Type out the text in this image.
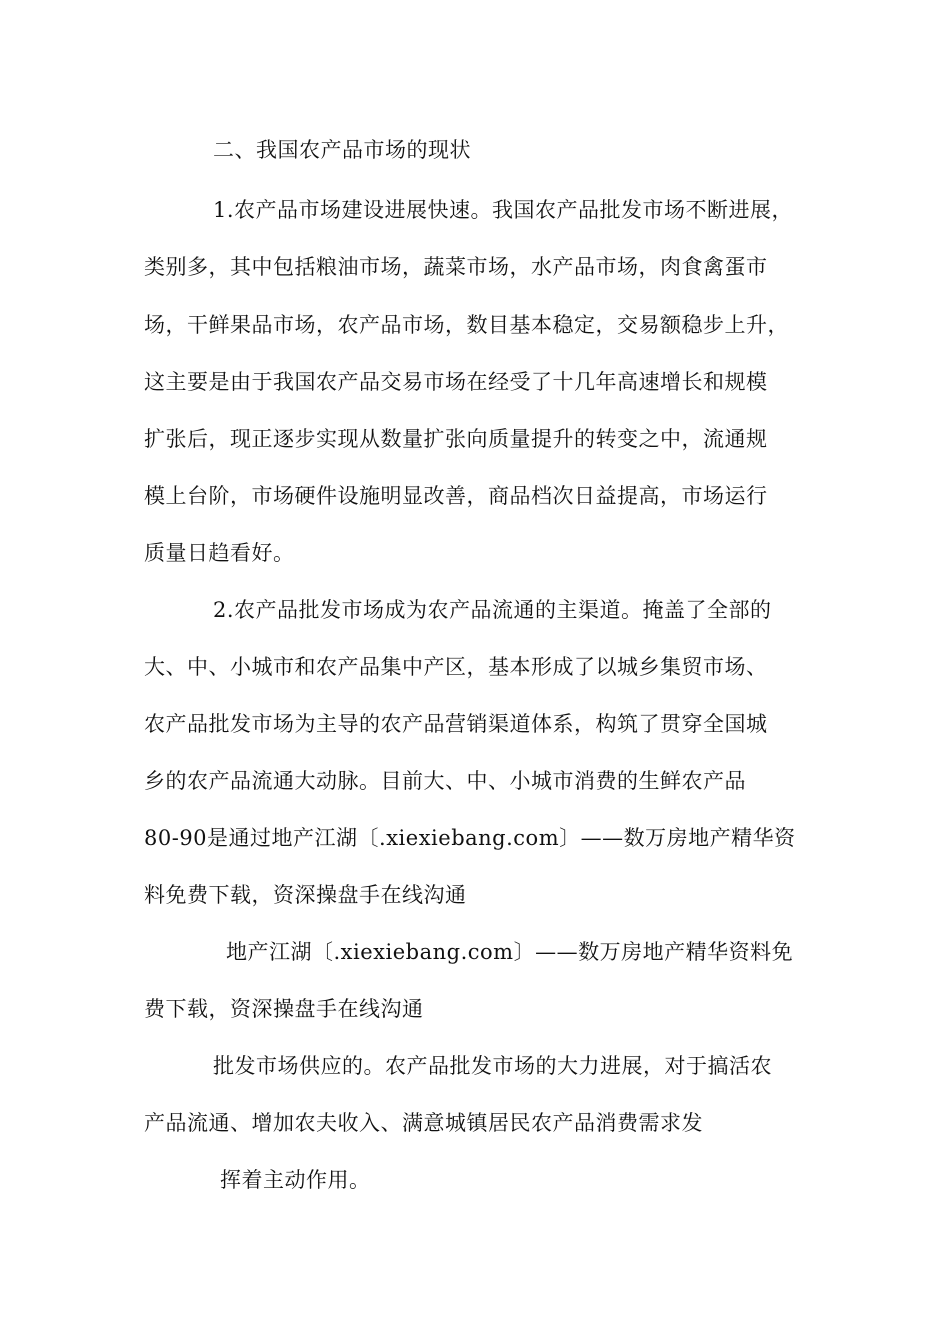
二、我国农产品市场的现状
1.农产品市场建设进展快速。我国农产品批发市场不断进展，
类别多，其中包括粮油市场，蔬菜市场，水产品市场，肉食禽蛋市
场，干鲜果品市场，农产品市场，数目基本稳定，交易额稳步上升，
这主要是由于我国农产品交易市场在经受了十几年高速增长和规模
扩张后，现正逐步实现从数量扩张向质量提升的转变之中，流通规
模上台阶，市场硬件设施明显改善，商品档次日益提高，市场运行
质量日趋看好。
2.农产品批发市场成为农产品流通的主渠道。掩盖了全部的
大、中、小城市和农产品集中产区，基本形成了以城乡集贸市场、
农产品批发市场为主导的农产品营销渠道体系，构筑了贯穿全国城
乡的农产品流通大动脉。目前大、中、小城市消费的生鲜农产品
80-90是通过地产江湖〔.xiexiebang.com〕——数万房地产精华资
料免费下载，资深操盘手在线沟通
地产江湖〔.xiexiebang.com〕——数万房地产精华资料免
费下载，资深操盘手在线沟通
批发市场供应的。农产品批发市场的大力进展，对于搞活农
产品流通、增加农夫收入、满意城镇居民农产品消费需求发
挥着主动作用。
